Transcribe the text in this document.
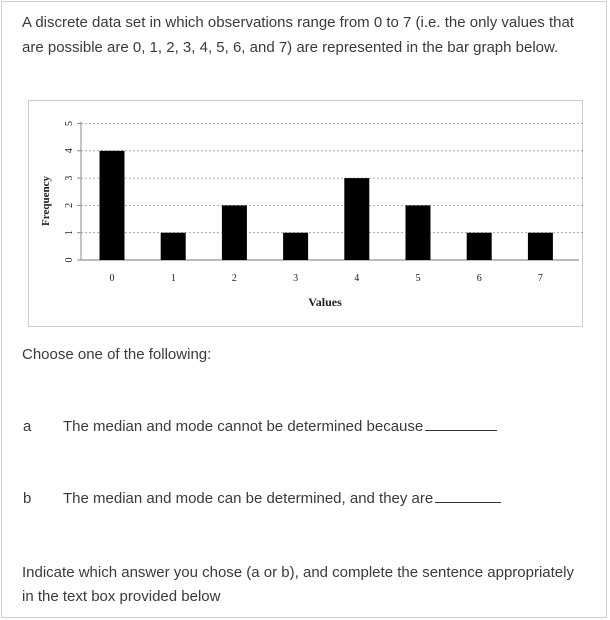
A discrete data set in which observations range from 0 to 7 (i.e. the only values that are possible are 0, 1, 2, 3, 4, 5, 6, and 7) are represented in the bar graph below.
0
1
2
3
4
5
0	1	2	3	4	5	6	7
Values
Frequency
Choose one of the following:
a The median and mode cannot be determined because
b The median and mode can be determined, and they are
Indicate which answer you chose (a or b), and complete the sentence appropriately in the text box provided below
